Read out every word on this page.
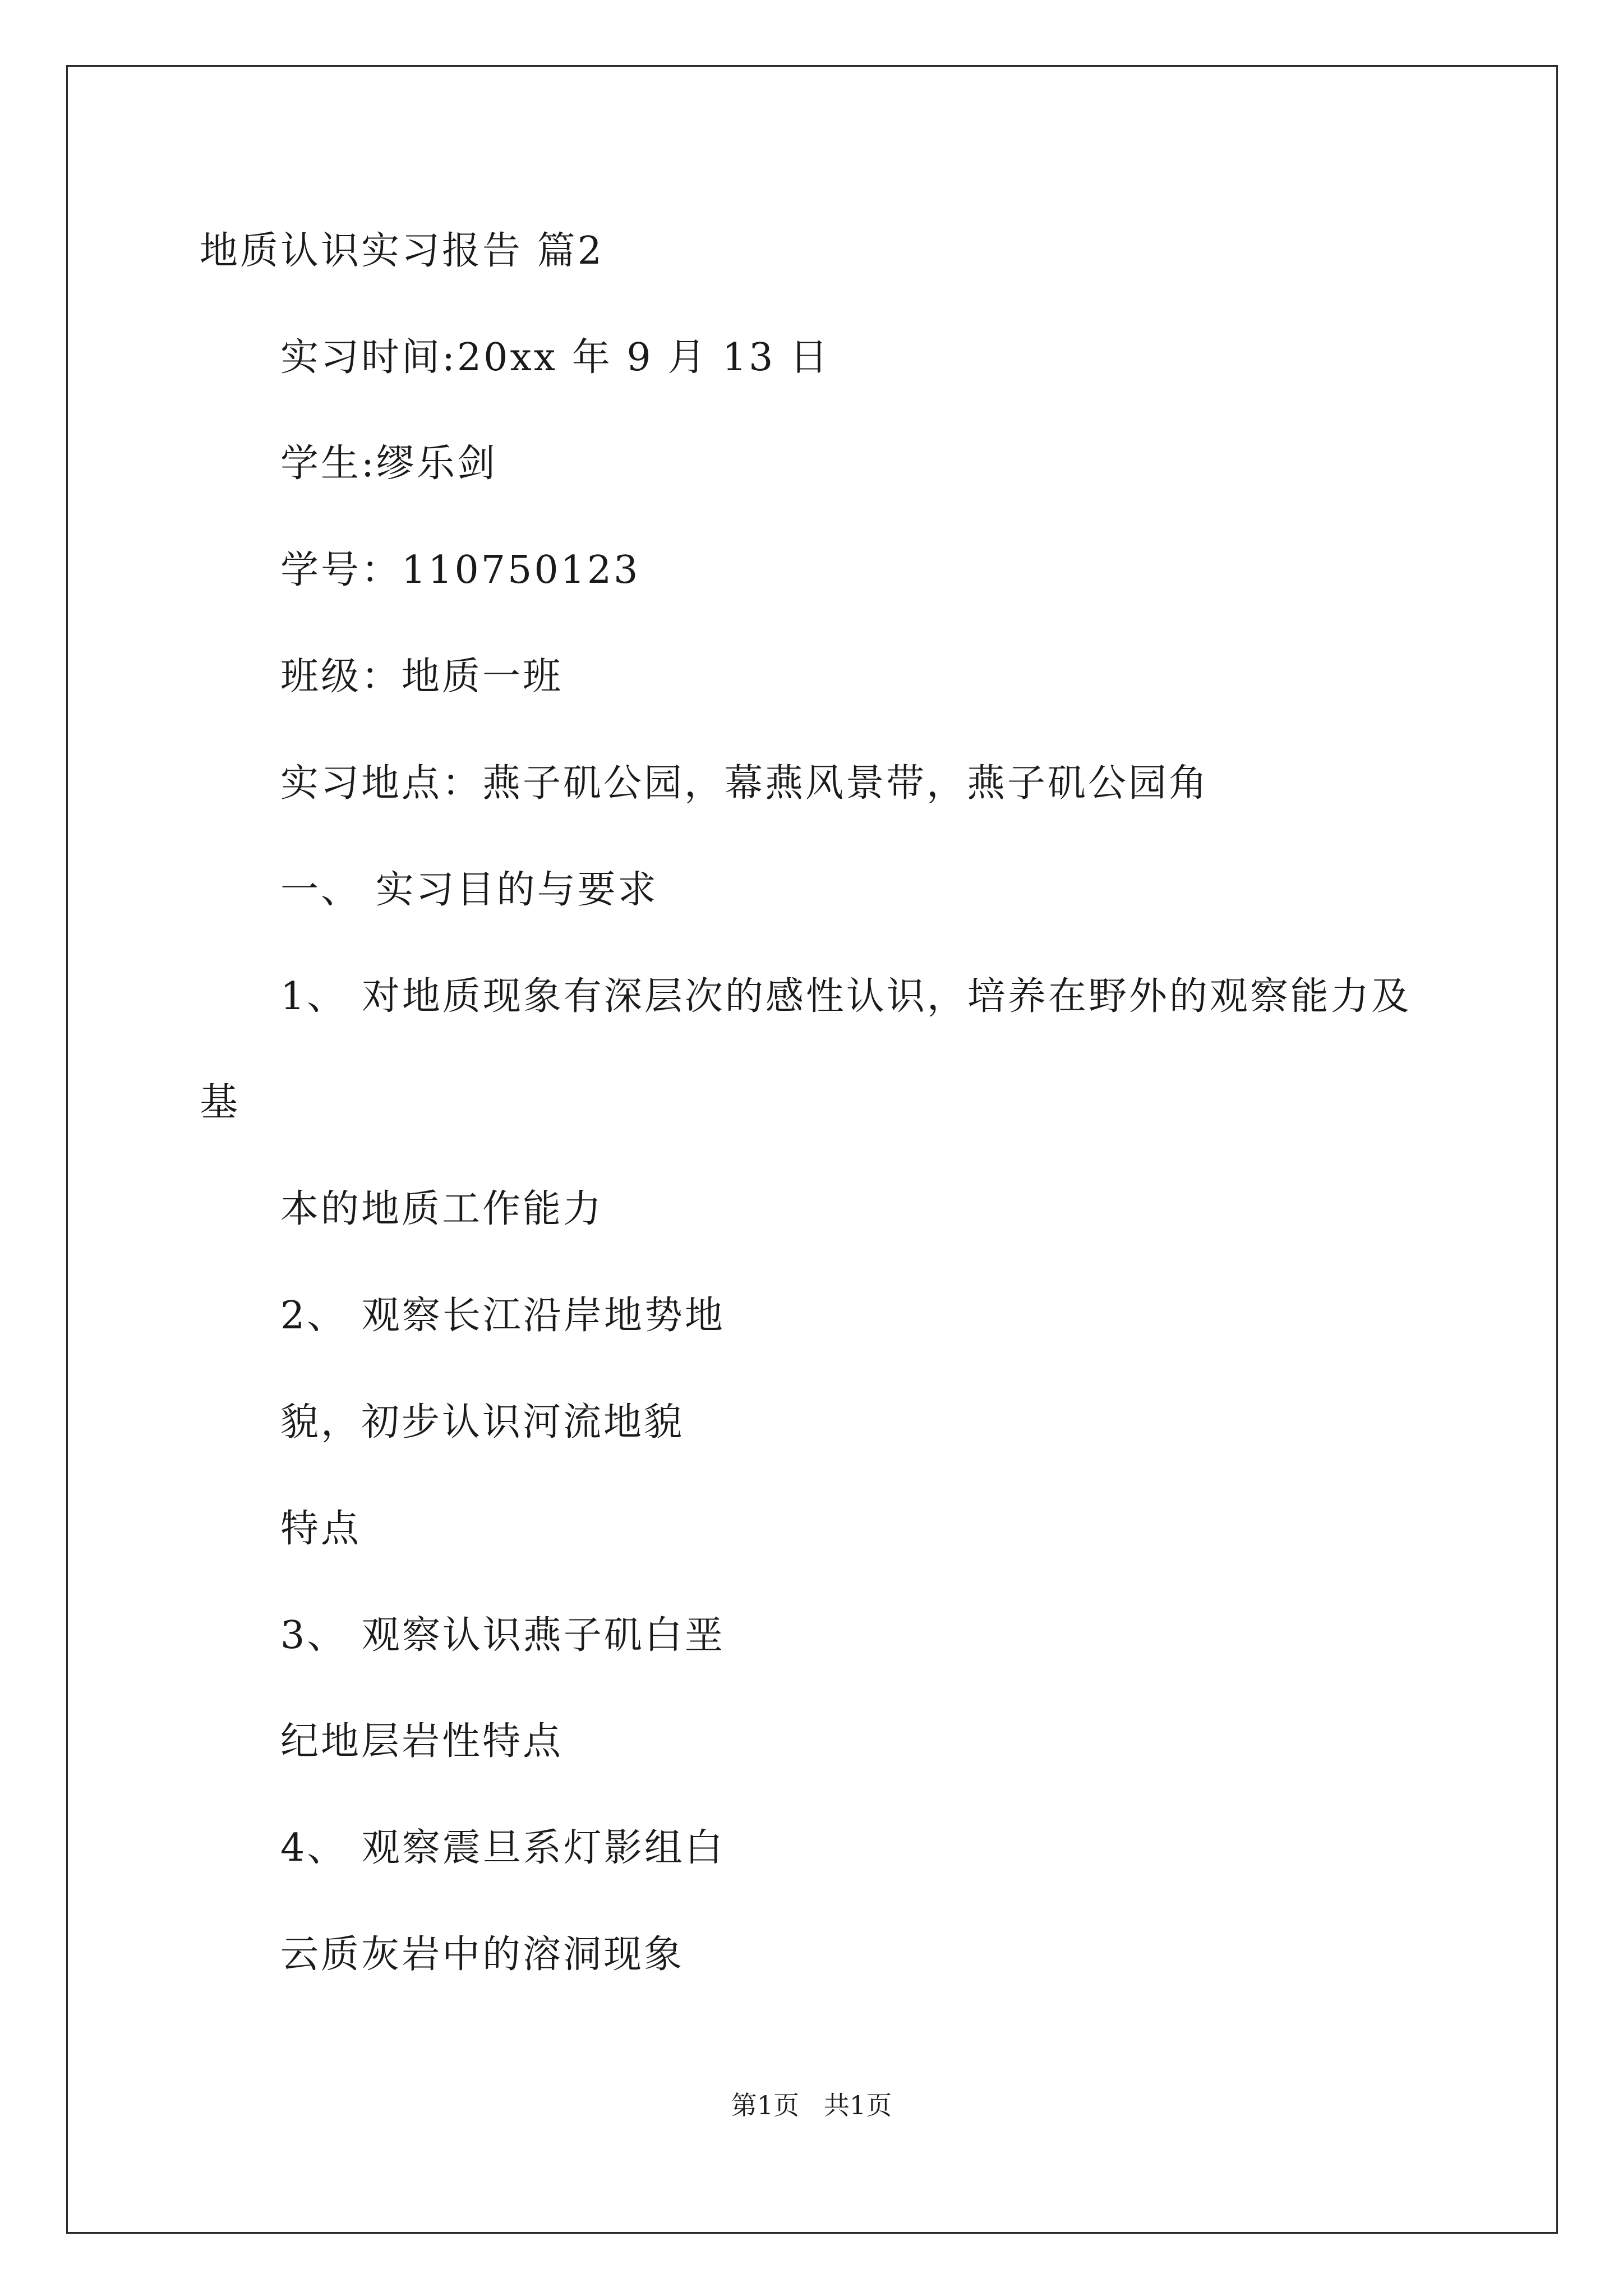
地质认识实习报告 篇2
实习时间:20xx 年 9 月 13 日
学生:缪乐剑
学号：110750123
班级：地质一班
实习地点：燕子矶公园，幕燕风景带，燕子矶公园角
一、 实习目的与要求
1、 对地质现象有深层次的感性认识，培养在野外的观察能力及
基
本的地质工作能力
2、 观察长江沿岸地势地
貌，初步认识河流地貌
特点
3、 观察认识燕子矶白垩
纪地层岩性特点
4、 观察震旦系灯影组白
云质灰岩中的溶洞现象
第1页   共1页
